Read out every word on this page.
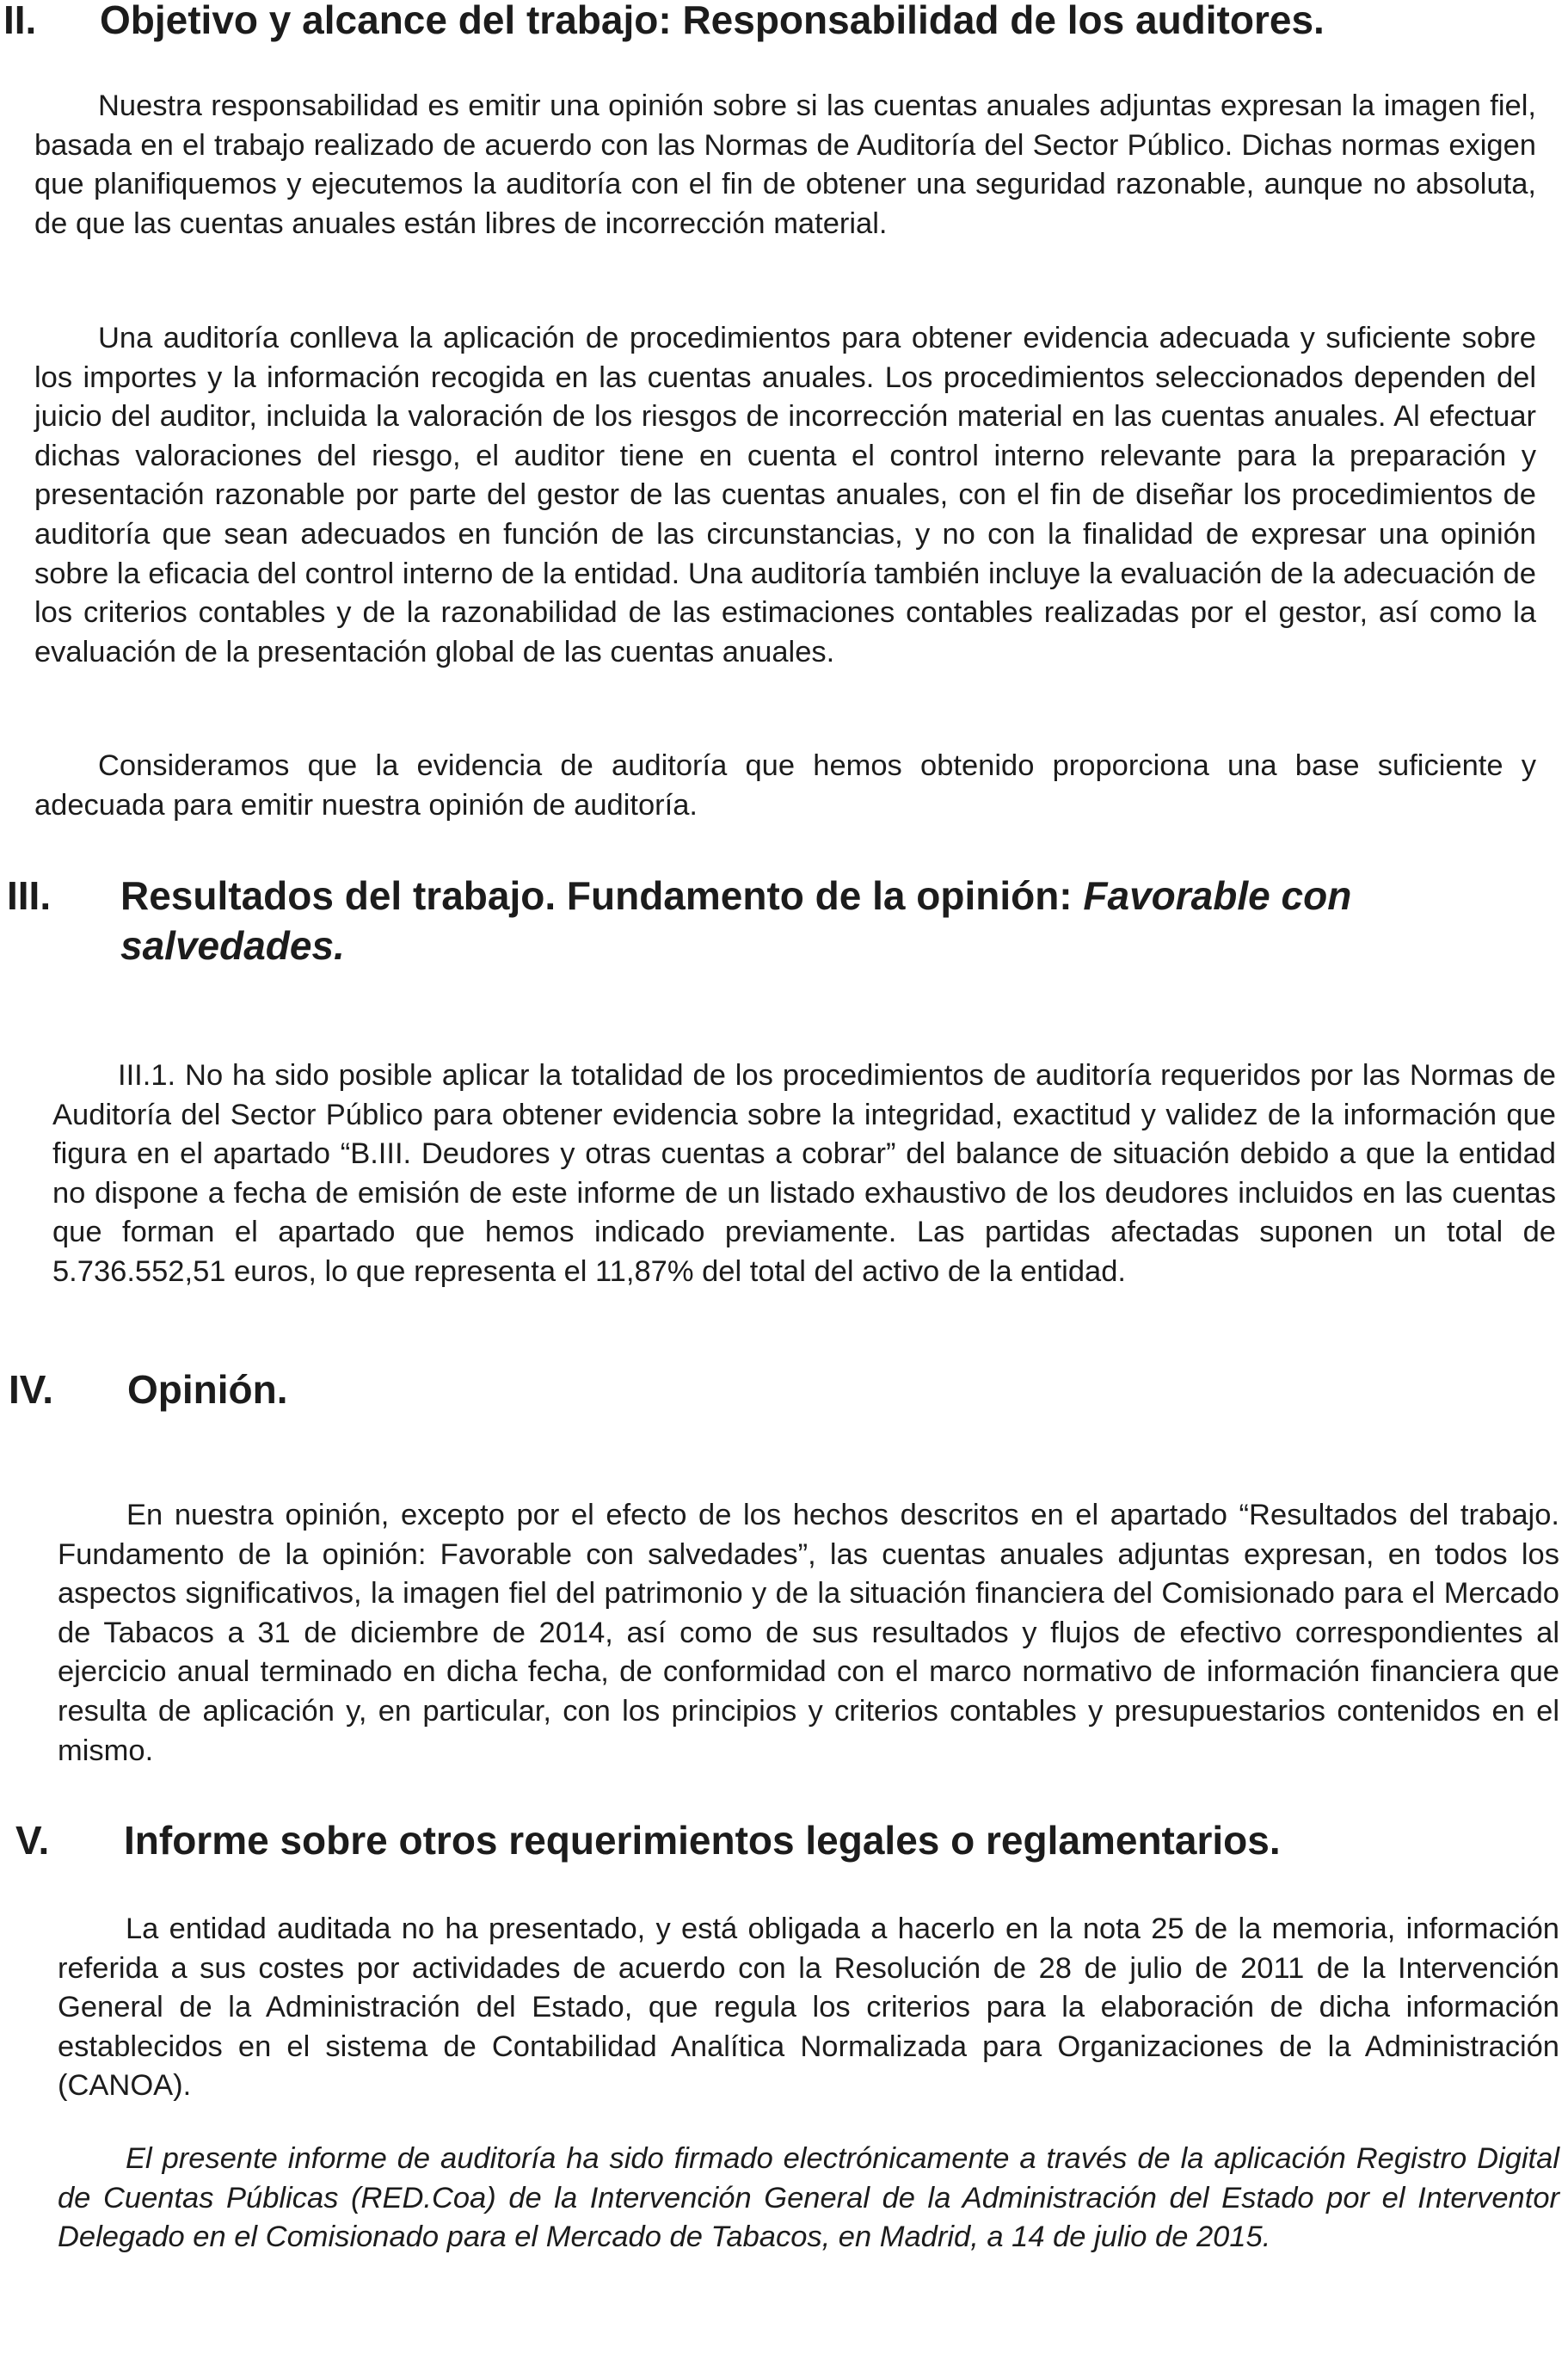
II. Objetivo y alcance del trabajo: Responsabilidad de los auditores.

Nuestra responsabilidad es emitir una opinión sobre si las cuentas anuales adjuntas expresan la imagen fiel, basada en el trabajo realizado de acuerdo con las Normas de Auditoría del Sector Público. Dichas normas exigen que planifiquemos y ejecutemos la auditoría con el fin de obtener una seguridad razonable, aunque no absoluta, de que las cuentas anuales están libres de incorrección material.

Una auditoría conlleva la aplicación de procedimientos para obtener evidencia adecuada y suficiente sobre los importes y la información recogida en las cuentas anuales. Los procedimientos seleccionados dependen del juicio del auditor, incluida la valoración de los riesgos de incorrección material en las cuentas anuales. Al efectuar dichas valoraciones del riesgo, el auditor tiene en cuenta el control interno relevante para la preparación y presentación razonable por parte del gestor de las cuentas anuales, con el fin de diseñar los procedimientos de auditoría que sean adecuados en función de las circunstancias, y no con la finalidad de expresar una opinión sobre la eficacia del control interno de la entidad. Una auditoría también incluye la evaluación de la adecuación de los criterios contables y de la razonabilidad de las estimaciones contables realizadas por el gestor, así como la evaluación de la presentación global de las cuentas anuales.

Consideramos que la evidencia de auditoría que hemos obtenido proporciona una base suficiente y adecuada para emitir nuestra opinión de auditoría.

III. Resultados del trabajo. Fundamento de la opinión: Favorable con salvedades.

III.1. No ha sido posible aplicar la totalidad de los procedimientos de auditoría requeridos por las Normas de Auditoría del Sector Público para obtener evidencia sobre la integridad, exactitud y validez de la información que figura en el apartado “B.III. Deudores y otras cuentas a cobrar” del balance de situación debido a que la entidad no dispone a fecha de emisión de este informe de un listado exhaustivo de los deudores incluidos en las cuentas que forman el apartado que hemos indicado previamente. Las partidas afectadas suponen un total de 5.736.552,51 euros, lo que representa el 11,87% del total del activo de la entidad.

IV. Opinión.

En nuestra opinión, excepto por el efecto de los hechos descritos en el apartado “Resultados del trabajo. Fundamento de la opinión: Favorable con salvedades”, las cuentas anuales adjuntas expresan, en todos los aspectos significativos, la imagen fiel del patrimonio y de la situación financiera del Comisionado para el Mercado de Tabacos a 31 de diciembre de 2014, así como de sus resultados y flujos de efectivo correspondientes al ejercicio anual terminado en dicha fecha, de conformidad con el marco normativo de información financiera que resulta de aplicación y, en particular, con los principios y criterios contables y presupuestarios contenidos en el mismo.

V. Informe sobre otros requerimientos legales o reglamentarios.

La entidad auditada no ha presentado, y está obligada a hacerlo en la nota 25 de la memoria, información referida a sus costes por actividades de acuerdo con la Resolución de 28 de julio de 2011 de la Intervención General de la Administración del Estado, que regula los criterios para la elaboración de dicha información establecidos en el sistema de Contabilidad Analítica Normalizada para Organizaciones de la Administración (CANOA).

El presente informe de auditoría ha sido firmado electrónicamente a través de la aplicación Registro Digital de Cuentas Públicas (RED.Coa) de la Intervención General de la Administración del Estado por el Interventor Delegado en el Comisionado para el Mercado de Tabacos, en Madrid, a 14 de julio de 2015.
